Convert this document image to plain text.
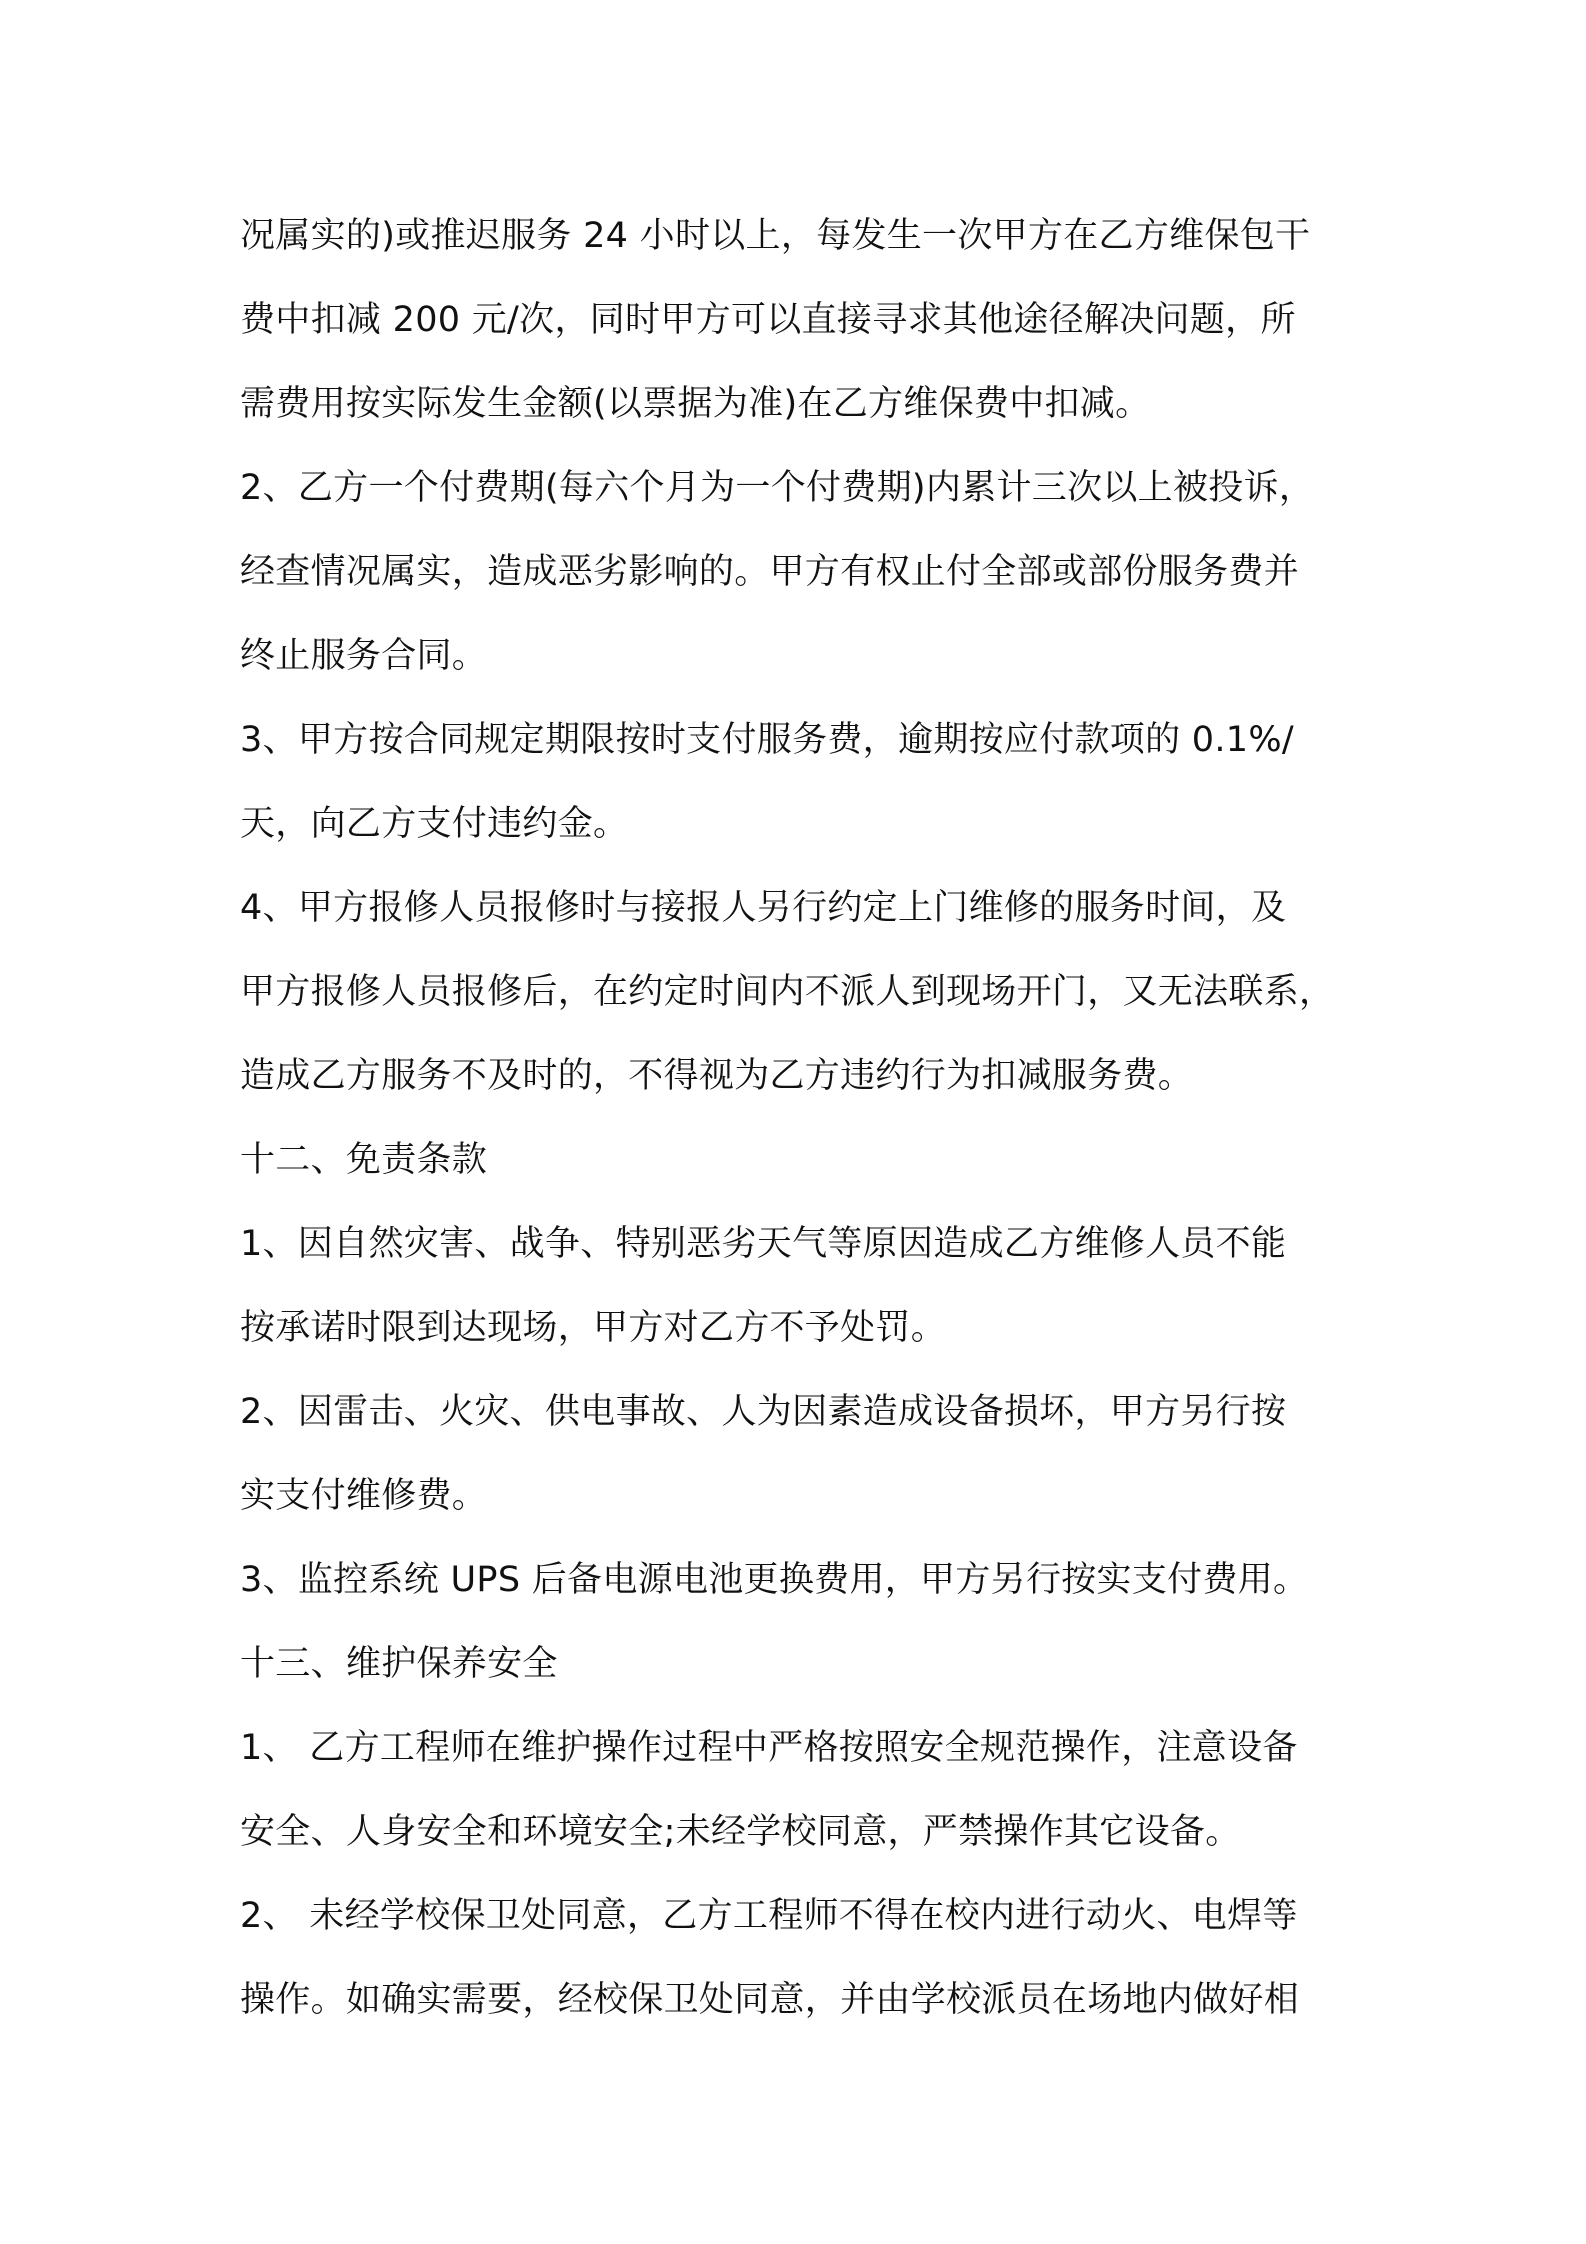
况属实的)或推迟服务 24 小时以上，每发生一次甲方在乙方维保包干
费中扣减 200 元/次，同时甲方可以直接寻求其他途径解决问题，所
需费用按实际发生金额(以票据为准)在乙方维保费中扣减。
2、乙方一个付费期(每六个月为一个付费期)内累计三次以上被投诉，
经查情况属实，造成恶劣影响的。甲方有权止付全部或部份服务费并
终止服务合同。
3、甲方按合同规定期限按时支付服务费，逾期按应付款项的 0.1%/
天，向乙方支付违约金。
4、甲方报修人员报修时与接报人另行约定上门维修的服务时间，及
甲方报修人员报修后，在约定时间内不派人到现场开门，又无法联系，
造成乙方服务不及时的，不得视为乙方违约行为扣减服务费。
十二、免责条款
1、因自然灾害、战争、特别恶劣天气等原因造成乙方维修人员不能
按承诺时限到达现场，甲方对乙方不予处罚。
2、因雷击、火灾、供电事故、人为因素造成设备损坏，甲方另行按
实支付维修费。
3、监控系统 UPS 后备电源电池更换费用，甲方另行按实支付费用。
十三、维护保养安全
1、 乙方工程师在维护操作过程中严格按照安全规范操作，注意设备
安全、人身安全和环境安全;未经学校同意，严禁操作其它设备。
2、 未经学校保卫处同意，乙方工程师不得在校内进行动火、电焊等
操作。如确实需要，经校保卫处同意，并由学校派员在场地内做好相
